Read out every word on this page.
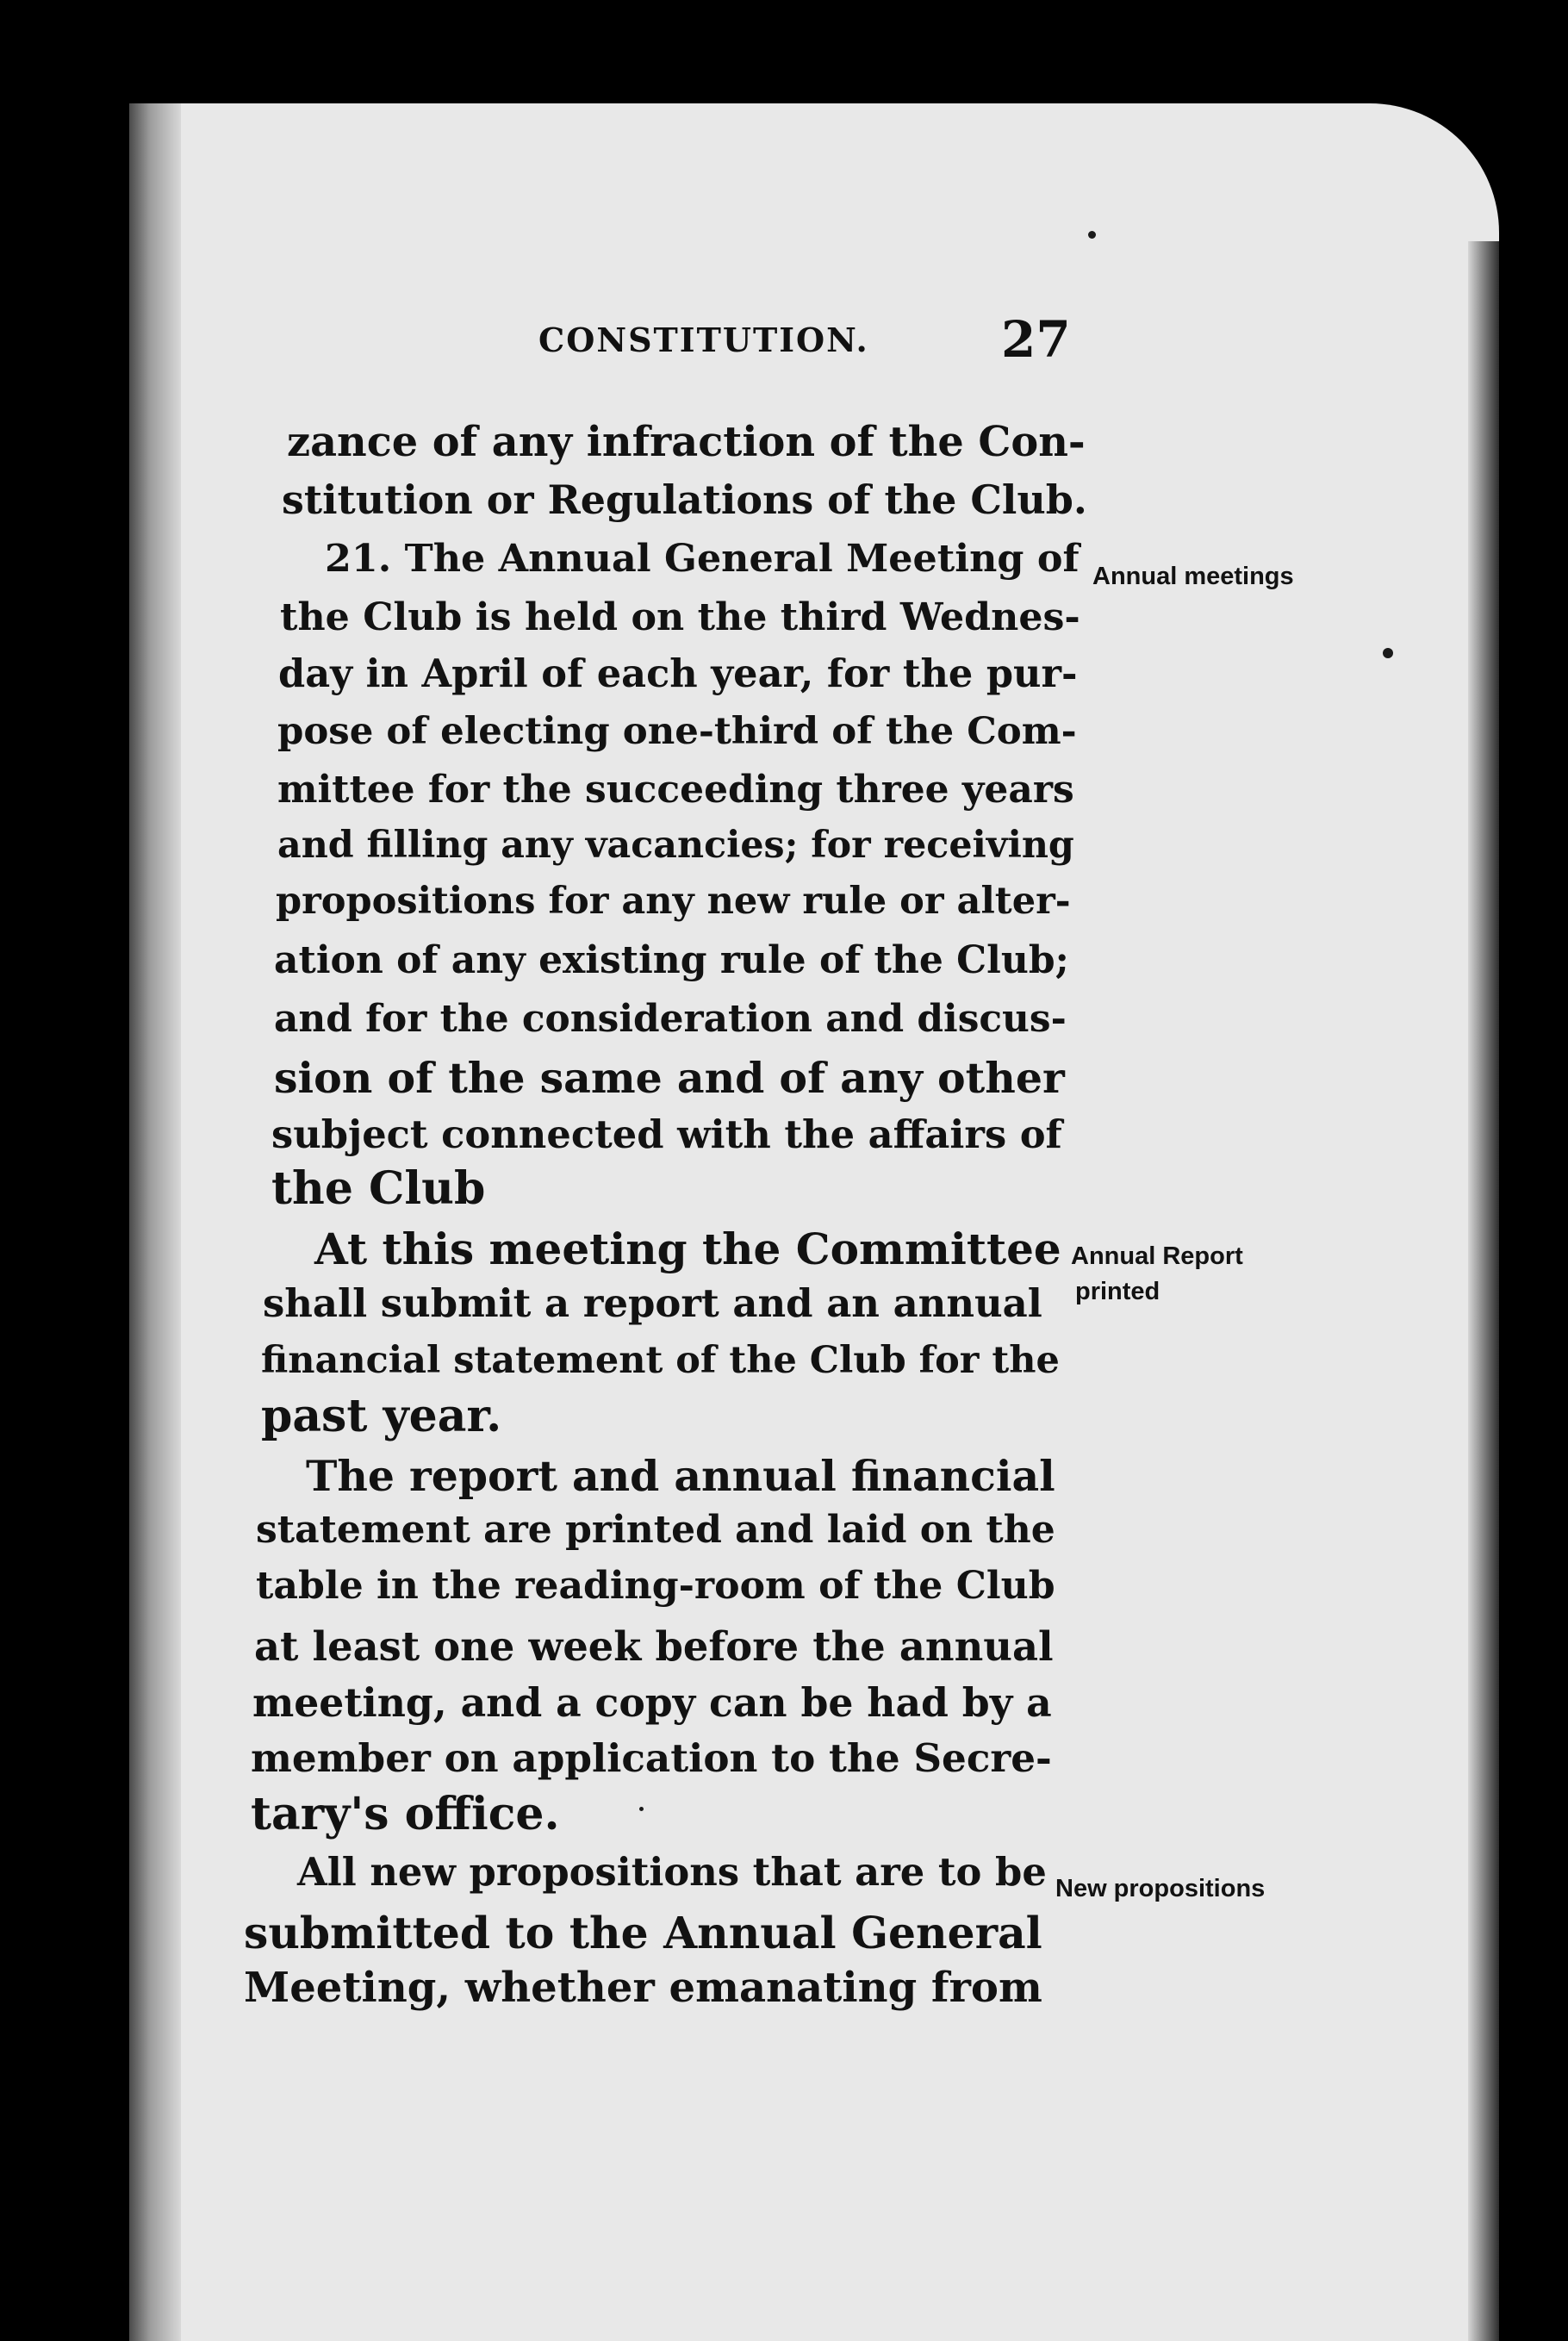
CONSTITUTION.	27
zance of any infraction of the Con-
stitution or Regulations of the Club.
21. The Annual General Meeting of
the Club is held on the third Wednes-
day in April of each year, for the pur-
pose of electing one-third of the Com-
mittee for the succeeding three years
and filling any vacancies; for receiving
propositions for any new rule or alter-
ation of any existing rule of the Club;
and for the consideration and discus-
sion of the same and of any other
subject connected with the affairs of
the Club
At this meeting the Committee
shall submit a report and an annual
financial statement of the Club for the
past year.
The report and annual financial
statement are printed and laid on the
table in the reading-room of the Club
at least one week before the annual
meeting, and a copy can be had by a
member on application to the Secre-
tary's office.
All new propositions that are to be
submitted to the Annual General
Meeting, whether emanating from
Annual meetings
Annual Report
printed
New propositions
